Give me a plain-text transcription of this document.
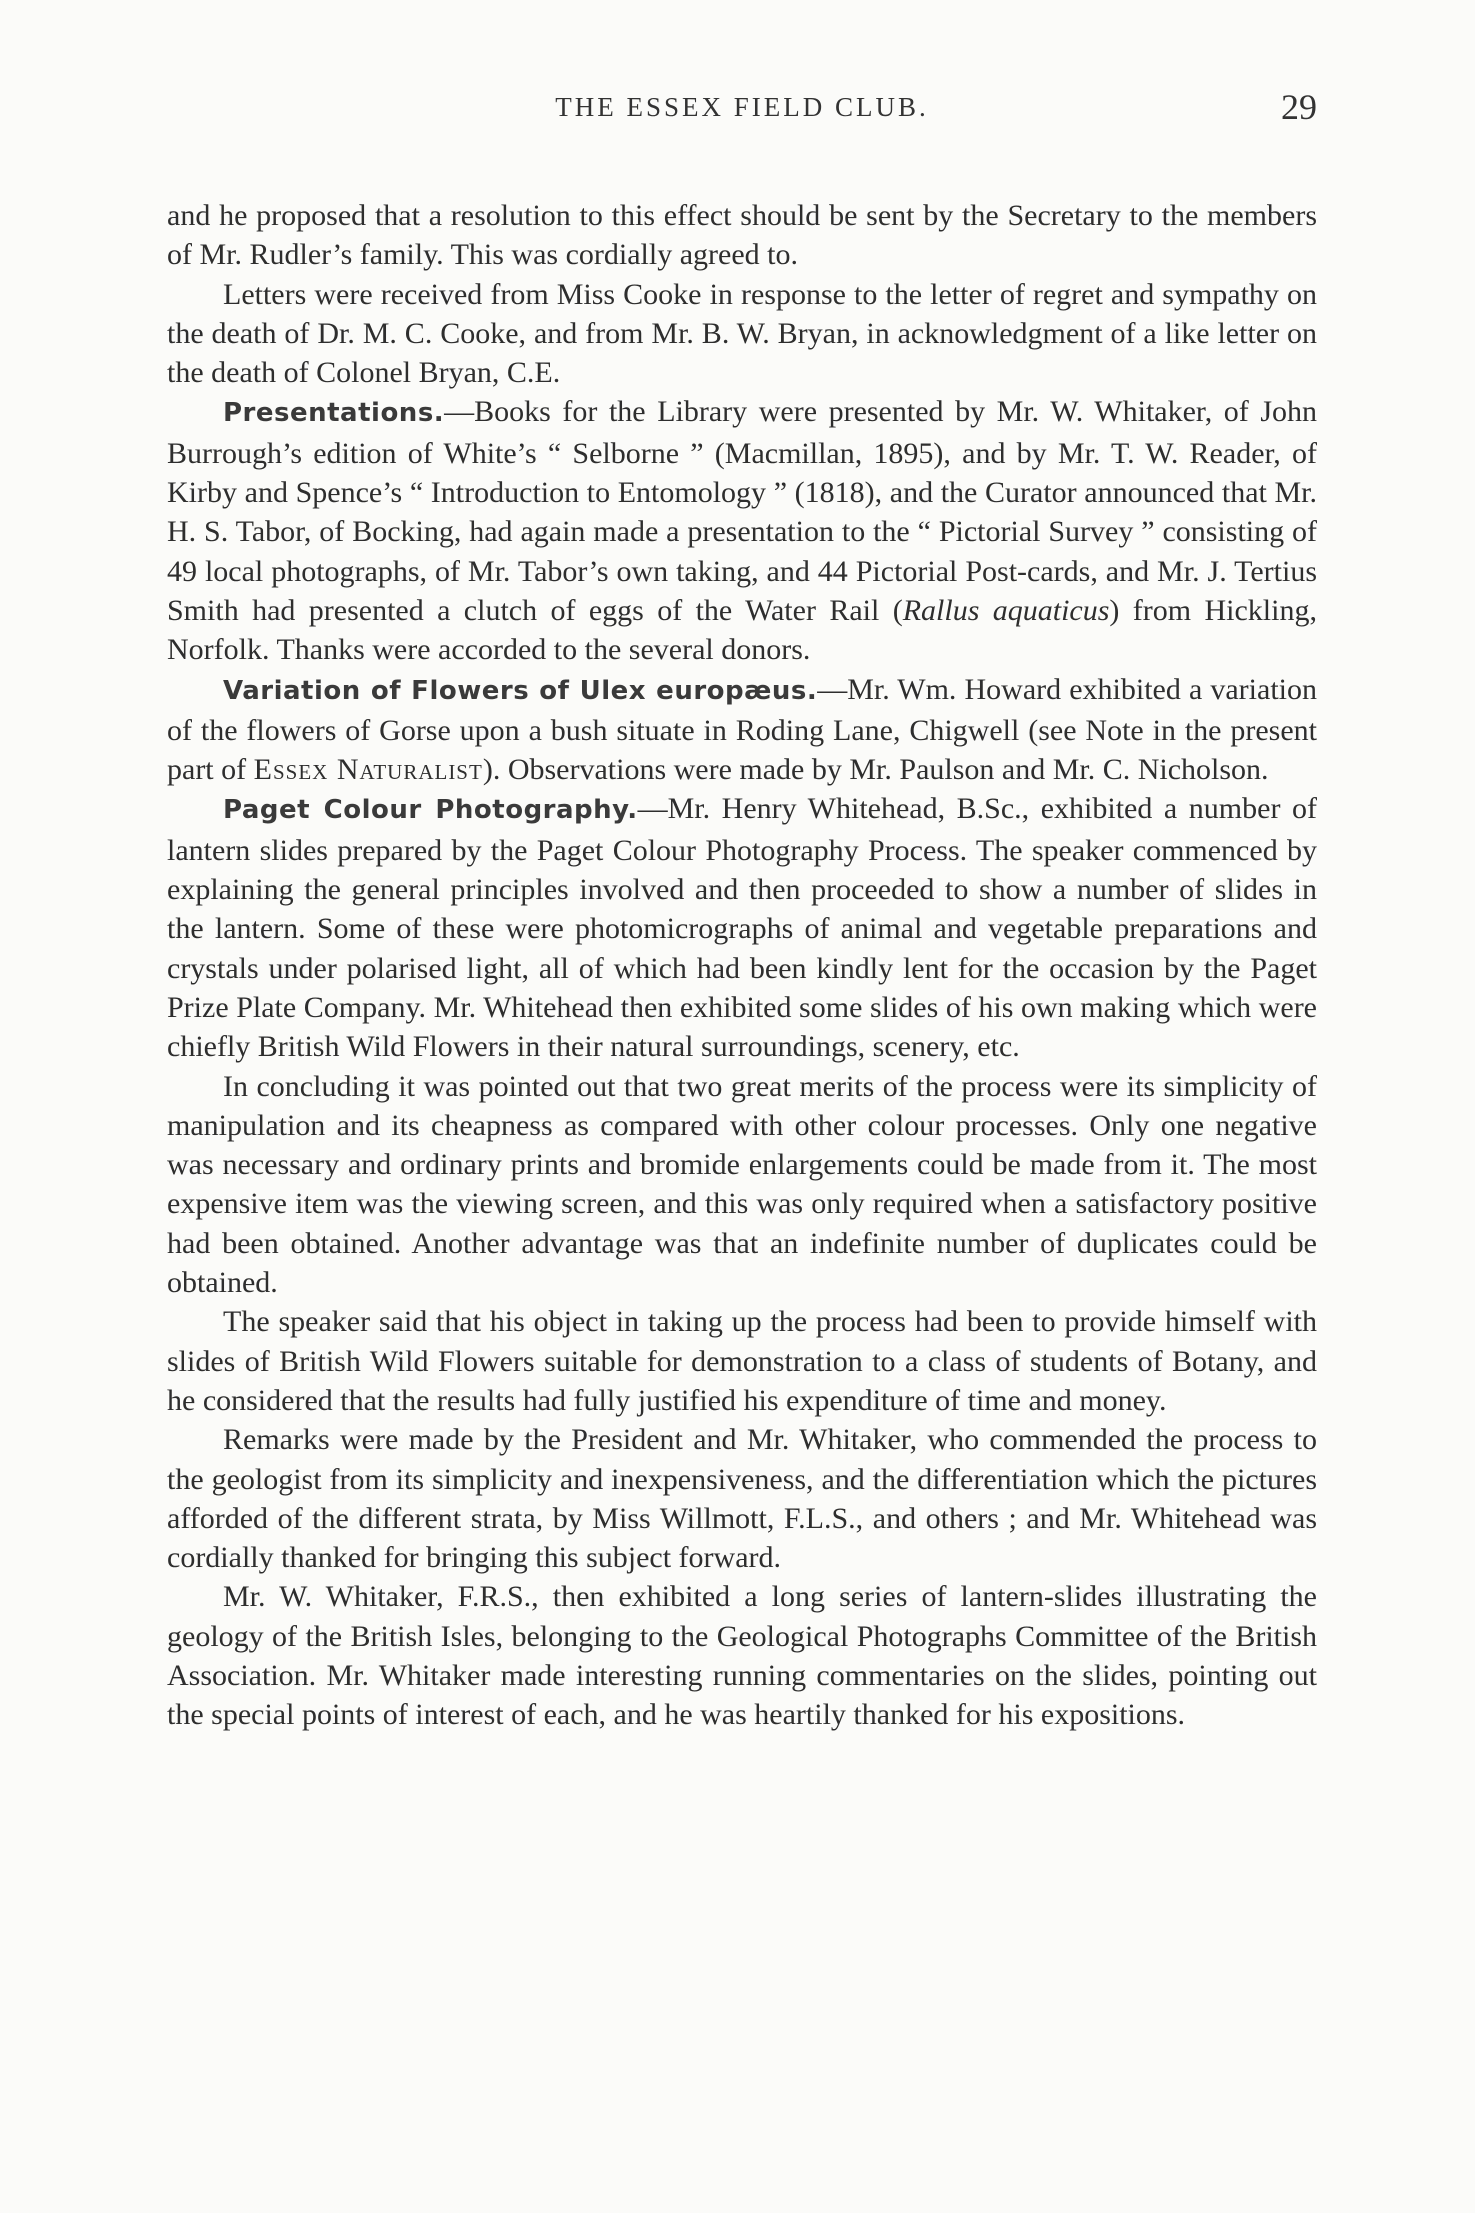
THE ESSEX FIELD CLUB.	29

and he proposed that a resolution to this effect should be sent by the Secretary to the members of Mr. Rudler’s family. This was cordially agreed to.

Letters were received from Miss Cooke in response to the letter of regret and sympathy on the death of Dr. M. C. Cooke, and from Mr. B. W. Bryan, in acknowledgment of a like letter on the death of Colonel Bryan, C.E.

Presentations.—Books for the Library were presented by Mr. W. Whitaker, of John Burrough’s edition of White’s “ Selborne ” (Macmillan, 1895), and by Mr. T. W. Reader, of Kirby and Spence’s “ Introduction to Entomology ” (1818), and the Curator announced that Mr. H. S. Tabor, of Bocking, had again made a presentation to the “ Pictorial Survey ” consisting of 49 local photographs, of Mr. Tabor’s own taking, and 44 Pictorial Post-cards, and Mr. J. Tertius Smith had presented a clutch of eggs of the Water Rail (Rallus aquaticus) from Hickling, Norfolk. Thanks were accorded to the several donors.

Variation of Flowers of Ulex europæus.—Mr. Wm. Howard exhibited a variation of the flowers of Gorse upon a bush situate in Roding Lane, Chigwell (see Note in the present part of Essex Naturalist). Observations were made by Mr. Paulson and Mr. C. Nicholson.

Paget Colour Photography.—Mr. Henry Whitehead, B.Sc., exhibited a number of lantern slides prepared by the Paget Colour Photography Process. The speaker commenced by explaining the general principles involved and then proceeded to show a number of slides in the lantern. Some of these were photomicrographs of animal and vegetable preparations and crystals under polarised light, all of which had been kindly lent for the occasion by the Paget Prize Plate Company. Mr. Whitehead then exhibited some slides of his own making which were chiefly British Wild Flowers in their natural surroundings, scenery, etc.

In concluding it was pointed out that two great merits of the process were its simplicity of manipulation and its cheapness as compared with other colour processes. Only one negative was necessary and ordinary prints and bromide enlargements could be made from it. The most expensive item was the viewing screen, and this was only required when a satisfactory positive had been obtained. Another advantage was that an indefinite number of duplicates could be obtained.

The speaker said that his object in taking up the process had been to provide himself with slides of British Wild Flowers suitable for demonstration to a class of students of Botany, and he considered that the results had fully justified his expenditure of time and money.

Remarks were made by the President and Mr. Whitaker, who commended the process to the geologist from its simplicity and inexpensiveness, and the differentiation which the pictures afforded of the different strata, by Miss Willmott, F.L.S., and others ; and Mr. Whitehead was cordially thanked for bringing this subject forward.

Mr. W. Whitaker, F.R.S., then exhibited a long series of lantern-slides illustrating the geology of the British Isles, belonging to the Geological Photographs Committee of the British Association. Mr. Whitaker made interesting running commentaries on the slides, pointing out the special points of interest of each, and he was heartily thanked for his expositions.
